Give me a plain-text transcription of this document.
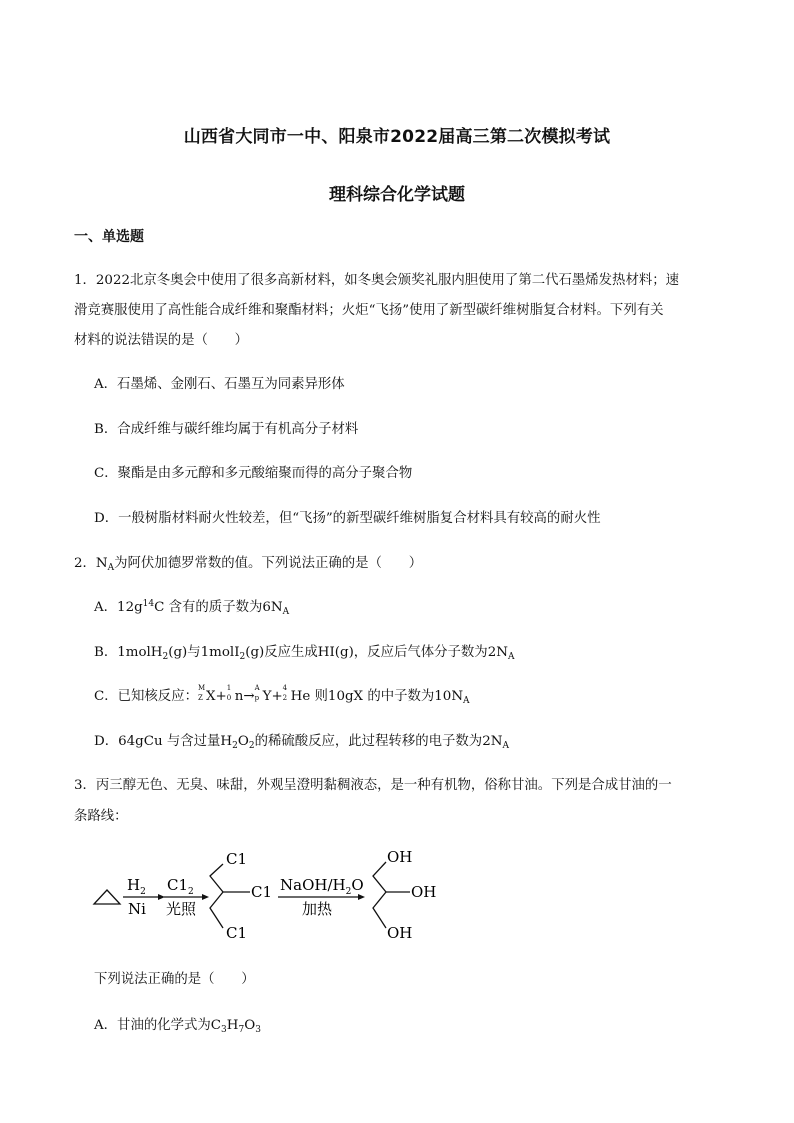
山西省大同市一中、阳泉市2022届高三第二次模拟考试
理科综合化学试题
一、单选题
1．2022北京冬奥会中使用了很多高新材料，如冬奥会颁奖礼服内胆使用了第二代石墨烯发热材料；速
滑竞赛服使用了高性能合成纤维和聚酯材料；火炬“飞扬”使用了新型碳纤维树脂复合材料。下列有关
材料的说法错误的是（　　）
A．石墨烯、金刚石、石墨互为同素异形体
B．合成纤维与碳纤维均属于有机高分子材料
C．聚酯是由多元醇和多元酸缩聚而得的高分子聚合物
D．一般树脂材料耐火性较差，但“飞扬”的新型碳纤维树脂复合材料具有较高的耐火性
2．$N_A$为阿伏加德罗常数的值。下列说法正确的是（　　）
A．$12g^{14}C$ 含有的质子数为$6N_A$
B．1molH$_2$(g)与1molI$_2$(g)反应生成HI(g)，反应后气体分子数为$2N_A$
C．已知核反应：
M
Z X+
1
0 n→
A
p Y+
4
2 He 则10gX 的中子数为$10N_A$
D．64gCu 与含过量$H_2O_2$的稀硫酸反应，此过程转移的电子数为$2N_A$
3．丙三醇无色、无臭、味甜，外观呈澄明黏稠液态，是一种有机物，俗称甘油。下列是合成甘油的一
条路线：
$H_2$
Ni
$C1_2$
光照
C1
C1
C1
NaOH/$H_2O$
加热
OH
OH
OH
下列说法正确的是（　　）
A．甘油的化学式为$C_3H_7O_3$
